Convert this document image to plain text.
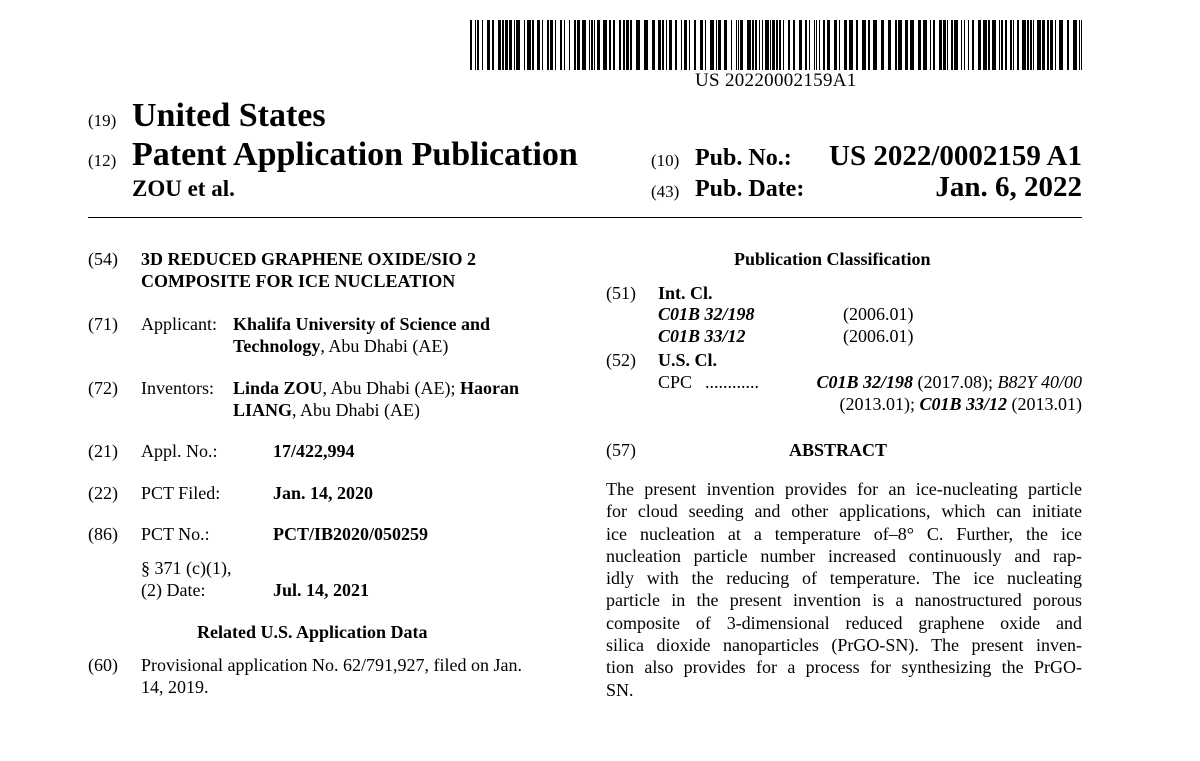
US 20220002159A1
(19) United States
(12) Patent Application Publication
ZOU et al.
(10) Pub. No.: US 2022/0002159 A1
(43) Pub. Date:	Jan. 6, 2022
(54) 3D REDUCED GRAPHENE OXIDE/SIO 2
COMPOSITE FOR ICE NUCLEATION
(71) Applicant: Khalifa University of Science and
Technology, Abu Dhabi (AE)
(72) Inventors: Linda ZOU, Abu Dhabi (AE); Haoran
LIANG, Abu Dhabi (AE)
(21) Appl. No.:	17/422,994
(22) PCT Filed:	Jan. 14, 2020
(86) PCT No.:	PCT/IB2020/050259
§ 371 (c)(1),
(2) Date:	Jul. 14, 2021
Related U.S. Application Data
(60) Provisional application No. 62/791,927, filed on Jan.
14, 2019.
Publication Classification
(51) Int. Cl.
C01B 32/198	(2006.01)
C01B 33/12	(2006.01)
(52) U.S. Cl.
CPC ............	C01B 32/198 (2017.08); B82Y 40/00
(2013.01); C01B 33/12 (2013.01)
(57)	ABSTRACT
The present invention provides for an ice-nucleating particle
for cloud seeding and other applications, which can initiate
ice nucleation at a temperature of–8° C. Further, the ice
nucleation particle number increased continuously and rap-
idly with the reducing of temperature. The ice nucleating
particle in the present invention is a nanostructured porous
composite of 3-dimensional reduced graphene oxide and
silica dioxide nanoparticles (PrGO-SN). The present inven-
tion also provides for a process for synthesizing the PrGO-
SN.
